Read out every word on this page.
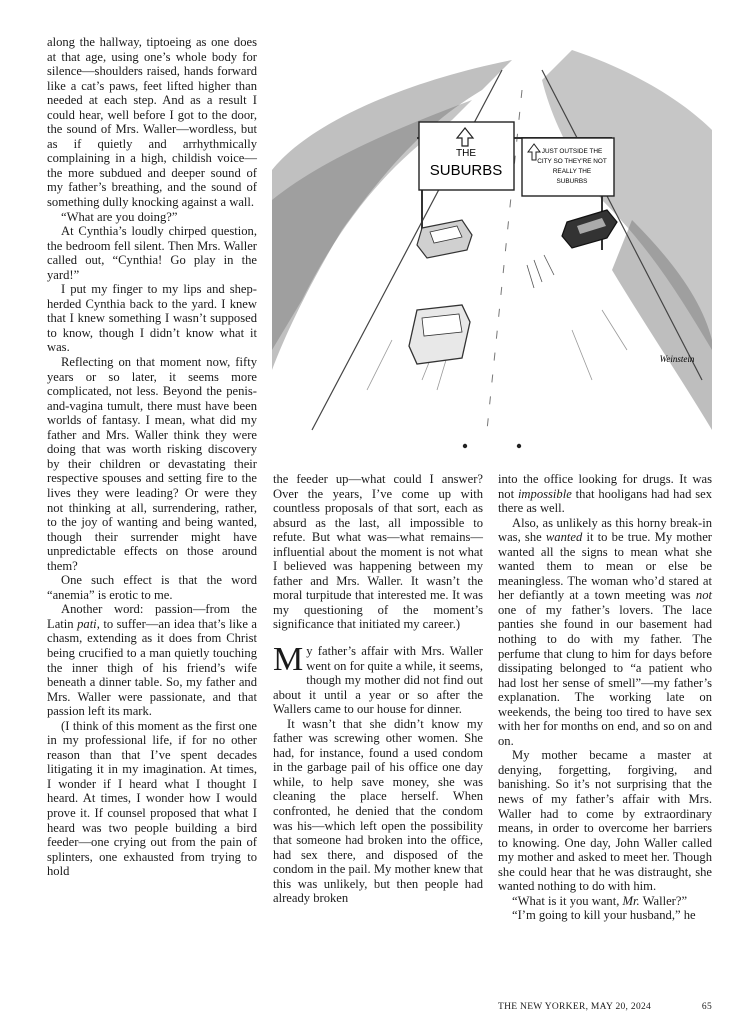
along the hallway, tiptoeing as one does at that age, using one’s whole body for silence—shoulders raised, hands forward like a cat’s paws, feet lifted higher than needed at each step. And as a result I could hear, well before I got to the door, the sound of Mrs. Waller—wordless, but as if quietly and arrhythmically complaining in a high, childish voice—the more subdued and deeper sound of my father’s breathing, and the sound of something dully knocking against a wall.

“What are you doing?”

At Cynthia’s loudly chirped question, the bedroom fell silent. Then Mrs. Waller called out, “Cynthia! Go play in the yard!”

I put my finger to my lips and shepherded Cynthia back to the yard. I knew that I knew something I wasn’t supposed to know, though I didn’t know what it was.

Reflecting on that moment now, fifty years or so later, it seems more complicated, not less. Beyond the penis-and-vagina tumult, there must have been worlds of fantasy. I mean, what did my father and Mrs. Waller think they were doing that was worth risking discovery by their children or devastating their respective spouses and setting fire to the lives they were leading? Or were they not thinking at all, surrendering, rather, to the joy of wanting and being wanted, though their surrender might have unpredictable effects on those around them?

One such effect is that the word “anemia” is erotic to me.

Another word: passion—from the Latin pati, to suffer—an idea that’s like a chasm, extending as it does from Christ being crucified to a man quietly touching the inner thigh of his friend’s wife beneath a dinner table. So, my father and Mrs. Waller were passionate, and that passion left its mark.

(I think of this moment as the first one in my professional life, if for no other reason than that I’ve spent decades litigating it in my imagination. At times, I wonder if I heard what I thought I heard. At times, I wonder how I would prove it. If counsel proposed that what I heard was two people building a bird feeder—one crying out from the pain of splinters, one exhausted from trying to hold

THE
SUBURBS
JUST OUTSIDE THE
CITY SO THEY'RE NOT
REALLY THE
SUBURBS
Weinstein

the feeder up—what could I answer? Over the years, I’ve come up with countless proposals of that sort, each as absurd as the last, all impossible to refute. But what was—what remains—influential about the moment is not what I believed was happening between my father and Mrs. Waller. It wasn’t the moral turpitude that interested me. It was my questioning of the moment’s significance that initiated my career.)

My father’s affair with Mrs. Waller went on for quite a while, it seems, though my mother did not find out about it until a year or so after the Wallers came to our house for dinner.

It wasn’t that she didn’t know my father was screwing other women. She had, for instance, found a used condom in the garbage pail of his office one day while, to help save money, she was cleaning the place herself. When confronted, he denied that the condom was his—which left open the possibility that someone had broken into the office, had sex there, and disposed of the condom in the pail. My mother knew that this was unlikely, but then people had already broken

into the office looking for drugs. It was not impossible that hooligans had had sex there as well.

Also, as unlikely as this horny break-in was, she wanted it to be true. My mother wanted all the signs to mean what she wanted them to mean or else be meaningless. The woman who’d stared at her defiantly at a town meeting was not one of my father’s lovers. The lace panties she found in our basement had nothing to do with my father. The perfume that clung to him for days before dissipating belonged to “a patient who had lost her sense of smell”—my father’s explanation. The working late on weekends, the being too tired to have sex with her for months on end, and so on and on.

My mother became a master at denying, forgetting, forgiving, and banishing. So it’s not surprising that the news of my father’s affair with Mrs. Waller had to come by extraordinary means, in order to overcome her barriers to knowing. One day, John Waller called my mother and asked to meet her. Though she could hear that he was distraught, she wanted nothing to do with him.

“What is it you want, Mr. Waller?”

“I’m going to kill your husband,” he

THE NEW YORKER, MAY 20, 2024	65
